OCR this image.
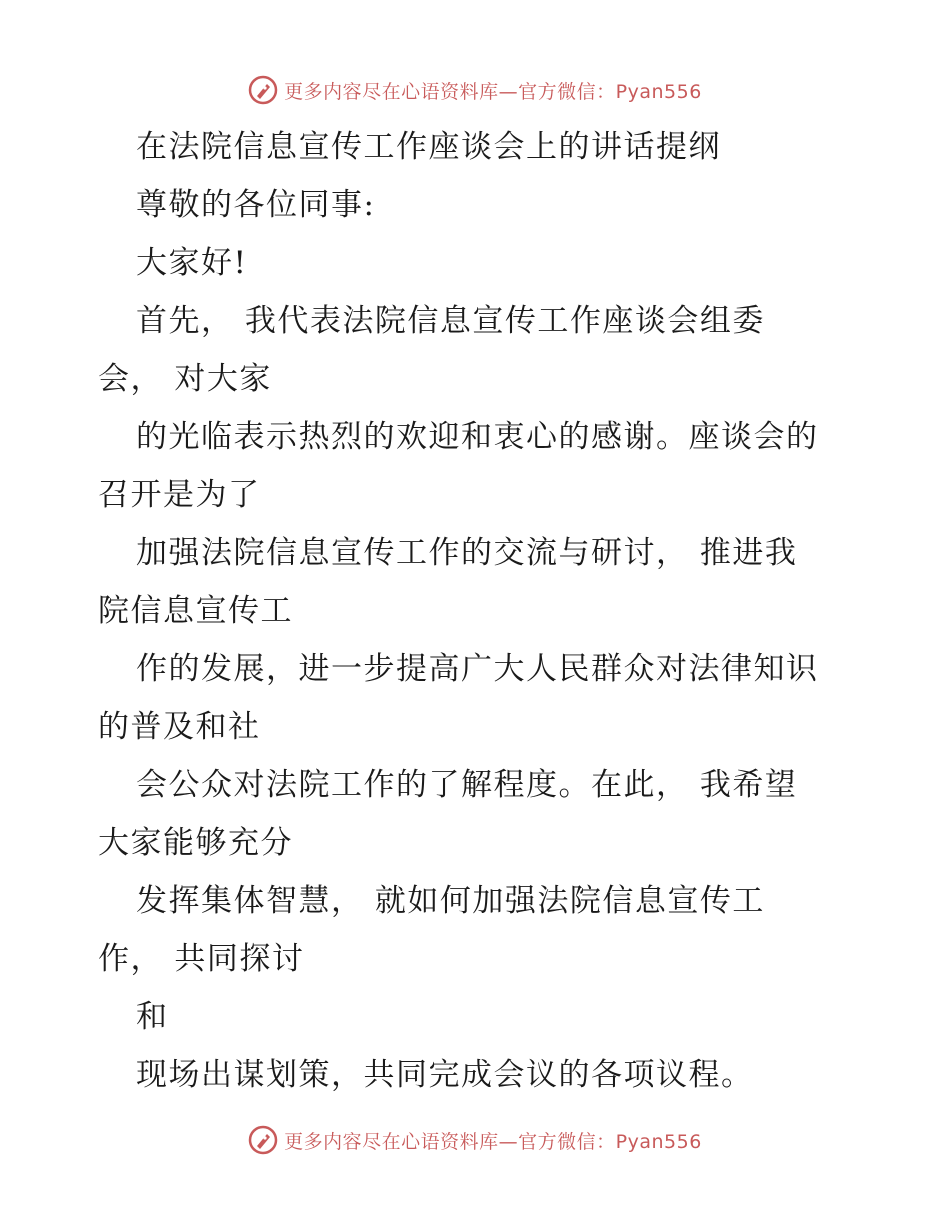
更多内容尽在心语资料库—官方微信：Pyan556
在法院信息宣传工作座谈会上的讲话提纲
尊敬的各位同事:
大家好!
首先， 我代表法院信息宣传工作座谈会组委
会， 对大家
的光临表示热烈的欢迎和衷心的感谢。座谈会的
召开是为了
加强法院信息宣传工作的交流与研讨， 推进我
院信息宣传工
作的发展，进一步提高广大人民群众对法律知识
的普及和社
会公众对法院工作的了解程度。在此， 我希望
大家能够充分
发挥集体智慧， 就如何加强法院信息宣传工
作， 共同探讨
和
现场出谋划策，共同完成会议的各项议程。
更多内容尽在心语资料库—官方微信：Pyan556
